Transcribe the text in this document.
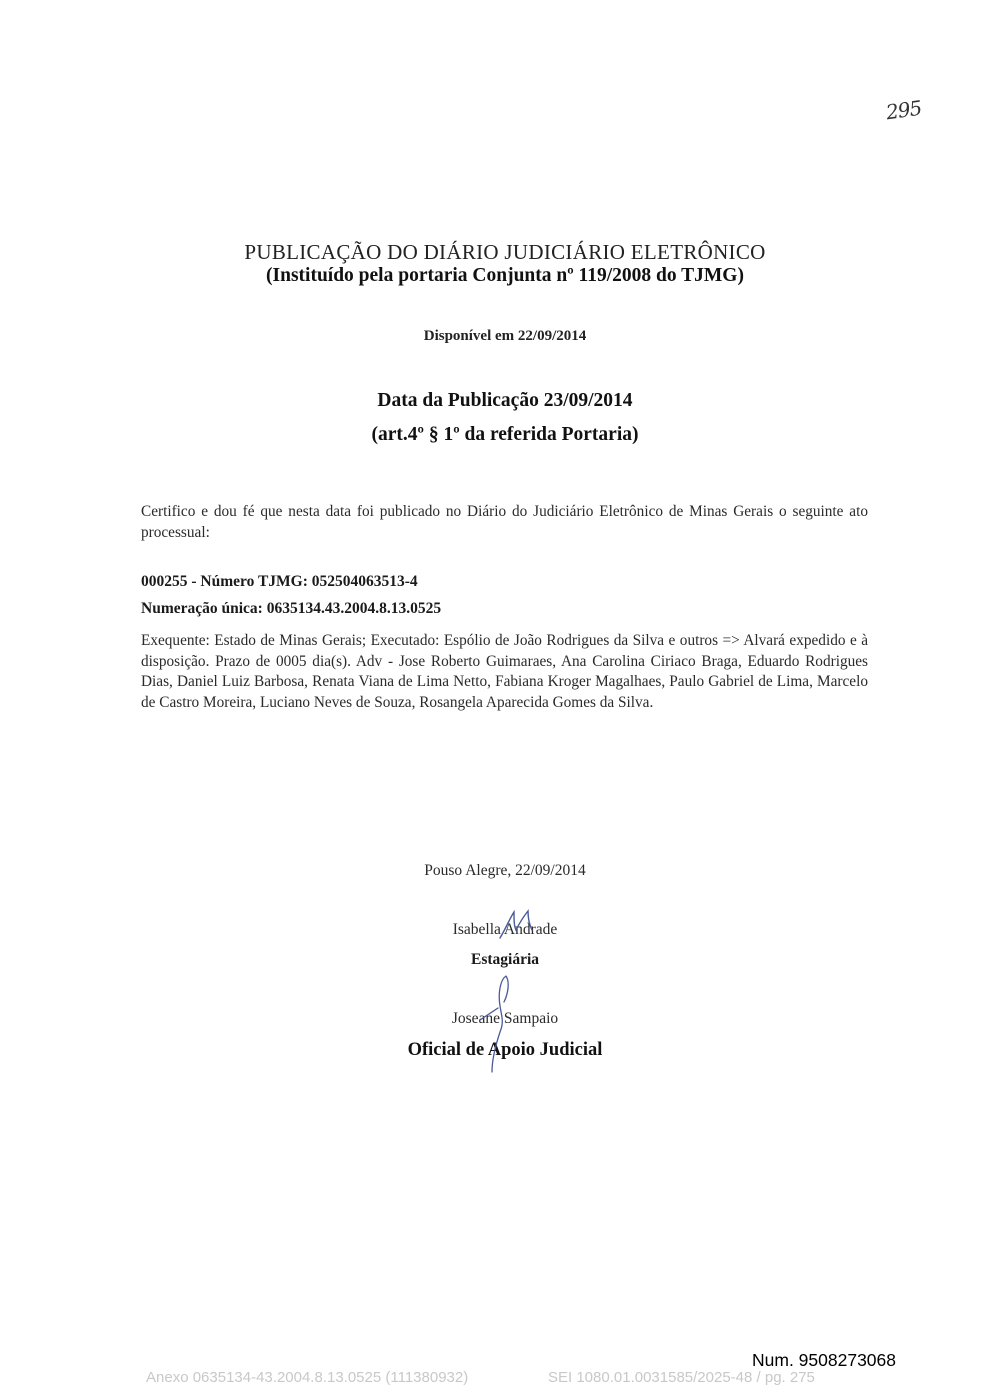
295
PUBLICAÇÃO DO DIÁRIO JUDICIÁRIO ELETRÔNICO
(Instituído pela portaria Conjunta nº 119/2008 do TJMG)
Disponível em 22/09/2014
Data da Publicação 23/09/2014
(art.4º § 1º da referida Portaria)
Certifico e dou fé que nesta data foi publicado no Diário do Judiciário Eletrônico de Minas Gerais o seguinte ato processual:
000255 - Número TJMG: 052504063513-4
Numeração única: 0635134.43.2004.8.13.0525
Exequente: Estado de Minas Gerais; Executado: Espólio de João Rodrigues da Silva e outros => Alvará expedido e à disposição. Prazo de 0005 dia(s). Adv - Jose Roberto Guimaraes, Ana Carolina Ciriaco Braga, Eduardo Rodrigues Dias, Daniel Luiz Barbosa, Renata Viana de Lima Netto, Fabiana Kroger Magalhaes, Paulo Gabriel de Lima, Marcelo de Castro Moreira, Luciano Neves de Souza, Rosangela Aparecida Gomes da Silva.
Pouso Alegre, 22/09/2014
Isabella Andrade
Estagiária
Joseane Sampaio
Oficial de Apoio Judicial
Num. 9508273068
Anexo 0635134-43.2004.8.13.0525 (111380932)	SEI 1080.01.0031585/2025-48 / pg. 275
